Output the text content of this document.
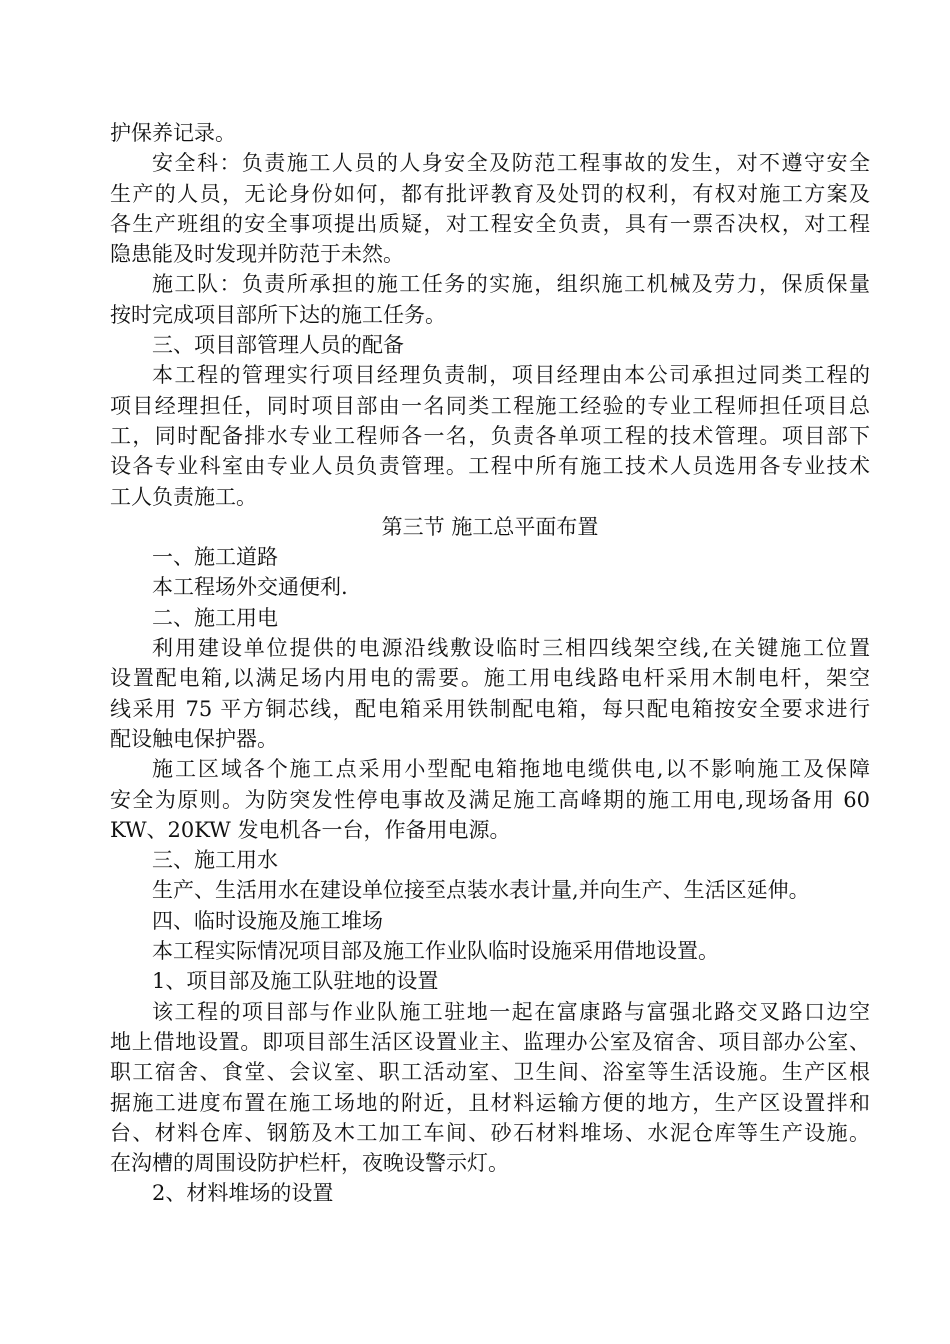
护保养记录。
安全科：负责施工人员的人身安全及防范工程事故的发生，对不遵守安全
生产的人员，无论身份如何，都有批评教育及处罚的权利，有权对施工方案及
各生产班组的安全事项提出质疑，对工程安全负责，具有一票否决权，对工程
隐患能及时发现并防范于未然。
施工队：负责所承担的施工任务的实施，组织施工机械及劳力，保质保量
按时完成项目部所下达的施工任务。
三、项目部管理人员的配备
本工程的管理实行项目经理负责制，项目经理由本公司承担过同类工程的
项目经理担任，同时项目部由一名同类工程施工经验的专业工程师担任项目总
工，同时配备排水专业工程师各一名，负责各单项工程的技术管理。项目部下
设各专业科室由专业人员负责管理。工程中所有施工技术人员选用各专业技术
工人负责施工。
第三节 施工总平面布置
一、施工道路
本工程场外交通便利.
二、施工用电
利用建设单位提供的电源沿线敷设临时三相四线架空线,在关键施工位置
设置配电箱,以满足场内用电的需要。施工用电线路电杆采用木制电杆，架空
线采用 75 平方铜芯线，配电箱采用铁制配电箱，每只配电箱按安全要求进行
配设触电保护器。
施工区域各个施工点采用小型配电箱拖地电缆供电,以不影响施工及保障
安全为原则。为防突发性停电事故及满足施工高峰期的施工用电,现场备用 60
KW、20KW 发电机各一台，作备用电源。
三、施工用水
生产、生活用水在建设单位接至点装水表计量,并向生产、生活区延伸。
四、临时设施及施工堆场
本工程实际情况项目部及施工作业队临时设施采用借地设置。
1、项目部及施工队驻地的设置
该工程的项目部与作业队施工驻地一起在富康路与富强北路交叉路口边空
地上借地设置。即项目部生活区设置业主、监理办公室及宿舍、项目部办公室、
职工宿舍、食堂、会议室、职工活动室、卫生间、浴室等生活设施。生产区根
据施工进度布置在施工场地的附近，且材料运输方便的地方，生产区设置拌和
台、材料仓库、钢筋及木工加工车间、砂石材料堆场、水泥仓库等生产设施。
在沟槽的周围设防护栏杆，夜晚设警示灯。
2、材料堆场的设置
